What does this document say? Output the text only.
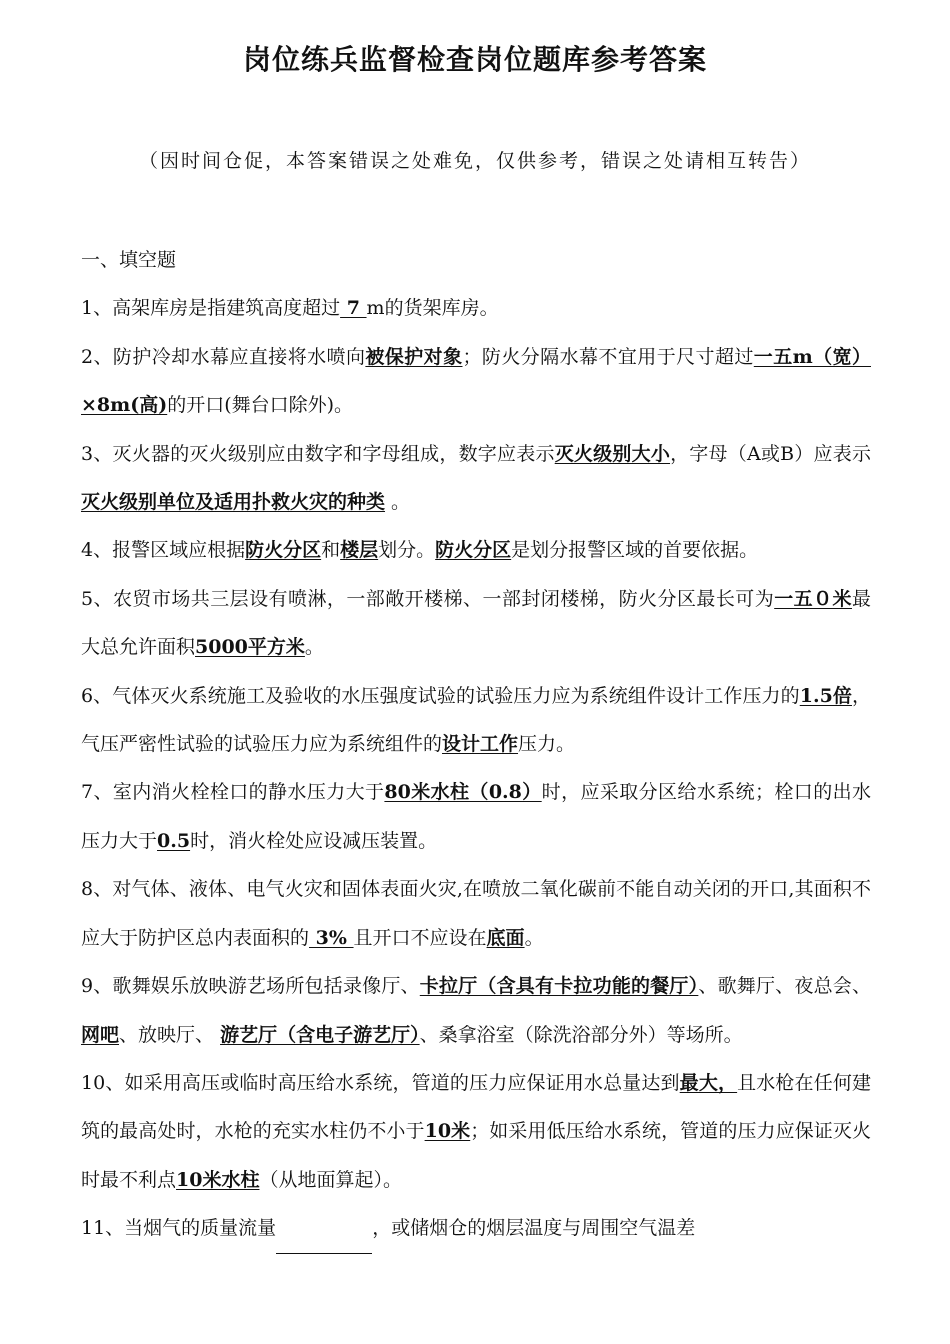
岗位练兵监督检查岗位题库参考答案
（因时间仓促，本答案错误之处难免，仅供参考，错误之处请相互转告）

一、填空题

1、高架库房是指建筑高度超过 7 m的货架库房。

2、防护冷却水幕应直接将水喷向被保护对象；防火分隔水幕不宜用于尺寸超过一五m（宽）×8m(高)的开口(舞台口除外)。

3、灭火器的灭火级别应由数字和字母组成，数字应表示灭火级别大小，字母（A或B）应表示灭火级别单位及适用扑救火灾的种类 。

4、报警区域应根据防火分区和楼层划分。防火分区是划分报警区域的首要依据。

5、农贸市场共三层设有喷淋，一部敞开楼梯、一部封闭楼梯，防火分区最长可为一五０米最大总允许面积5000平方米。

6、气体灭火系统施工及验收的水压强度试验的试验压力应为系统组件设计工作压力的1.5倍，气压严密性试验的试验压力应为系统组件的设计工作压力。

7、室内消火栓栓口的静水压力大于80米水柱（0.8）时，应采取分区给水系统；栓口的出水压力大于0.5时，消火栓处应设减压装置。

8、对气体、液体、电气火灾和固体表面火灾,在喷放二氧化碳前不能自动关闭的开口,其面积不应大于防护区总内表面积的 3% 且开口不应设在底面。

9、歌舞娱乐放映游艺场所包括录像厅、卡拉厅（含具有卡拉功能的餐厅）、歌舞厅、夜总会、网吧、放映厅、 游艺厅（含电子游艺厅）、桑拿浴室（除洗浴部分外）等场所。

10、如采用高压或临时高压给水系统，管道的压力应保证用水总量达到最大，且水枪在任何建筑的最高处时，水枪的充实水柱仍不小于10米；如采用低压给水系统，管道的压力应保证灭火时最不利点10米水柱（从地面算起）。

11、当烟气的质量流量	，或储烟仓的烟层温度与周围空气温差
